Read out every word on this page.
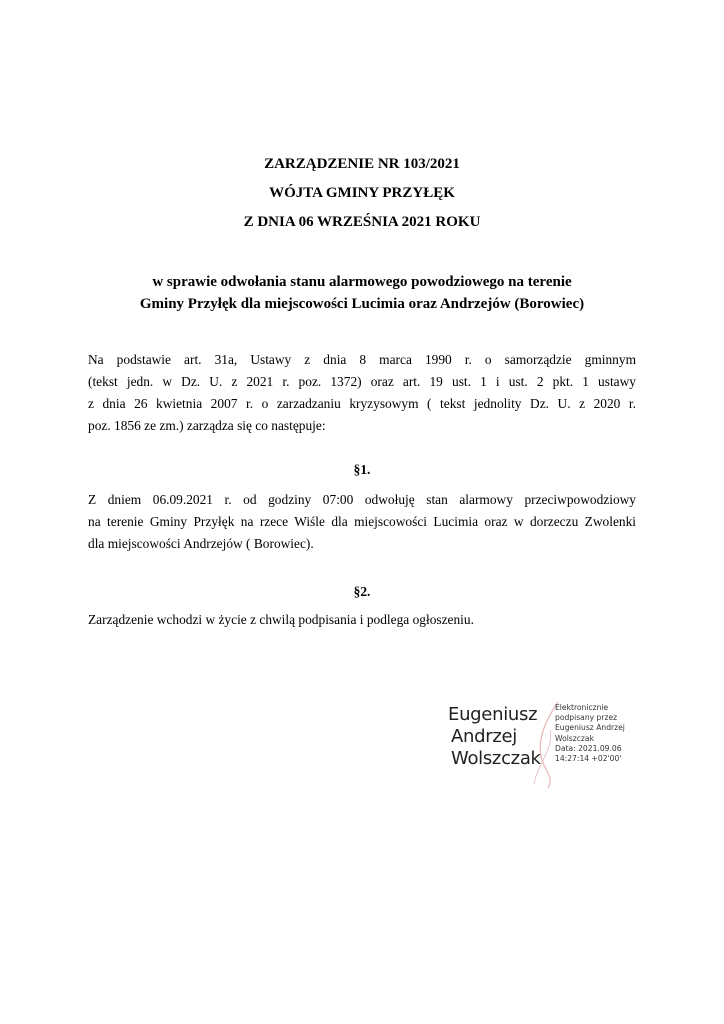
ZARZĄDZENIE NR 103/2021
WÓJTA GMINY PRZYŁĘK
Z DNIA 06 WRZEŚNIA 2021 ROKU
w sprawie odwołania stanu alarmowego powodziowego na terenie
Gminy Przyłęk dla miejscowości Lucimia oraz Andrzejów (Borowiec)
Na podstawie art. 31a, Ustawy z dnia 8 marca 1990 r. o samorządzie gminnym
(tekst jedn. w Dz. U. z 2021 r. poz. 1372) oraz art. 19 ust. 1 i ust. 2 pkt. 1 ustawy
z dnia 26 kwietnia 2007 r. o zarzadzaniu kryzysowym ( tekst jednolity Dz. U. z 2020 r.
poz. 1856 ze zm.) zarządza się co następuje:
§1.
Z dniem 06.09.2021 r. od godziny 07:00 odwołuję stan alarmowy przeciwpowodziowy
na terenie Gminy Przyłęk na rzece Wiśle dla miejscowości Lucimia oraz w dorzeczu Zwolenki
dla miejscowości Andrzejów ( Borowiec).
§2.
Zarządzenie wchodzi w życie z chwilą podpisania i podlega ogłoszeniu.
Eugeniusz
Andrzej
Wolszczak
Elektronicznie
podpisany przez
Eugeniusz Andrzej
Wolszczak
Data: 2021.09.06
14:27:14 +02'00'
